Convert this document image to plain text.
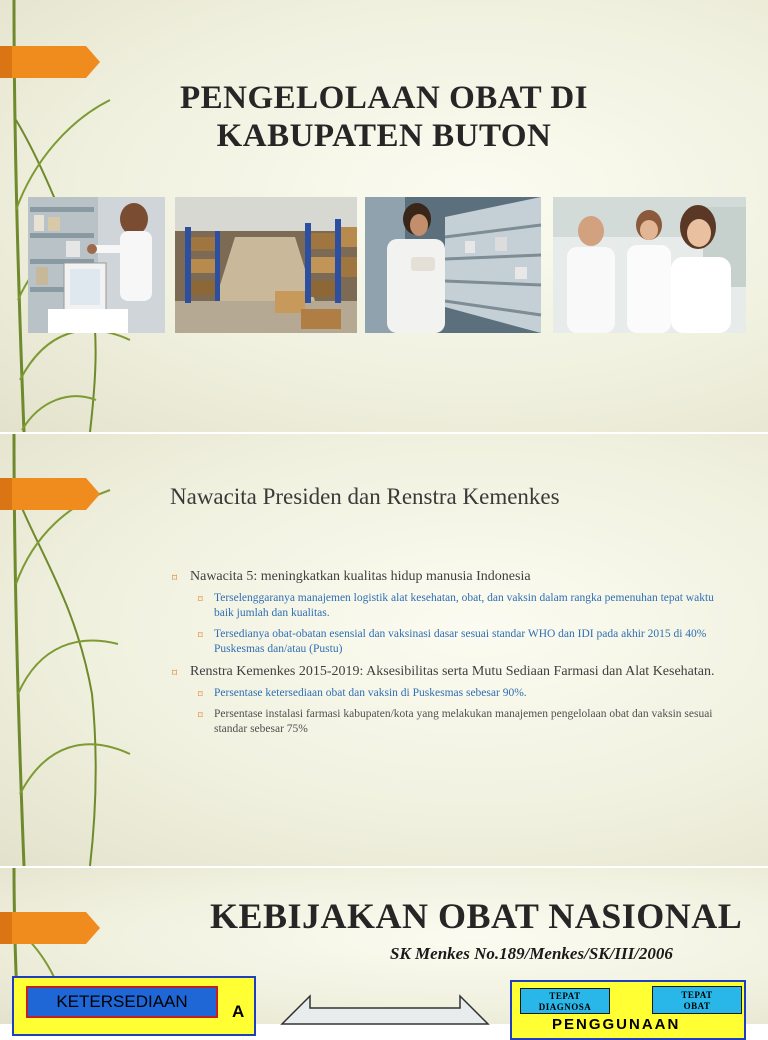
PENGELOLAAN OBAT DI
KABUPATEN BUTON
Nawacita Presiden dan Renstra Kemenkes
⌑ Nawacita 5: meningkatkan kualitas hidup manusia Indonesia
⌑ Terselenggaranya manajemen logistik alat kesehatan, obat, dan vaksin dalam rangka pemenuhan tepat waktu baik jumlah dan kualitas.
⌑ Tersedianya obat-obatan esensial dan vaksinasi dasar sesuai standar WHO dan IDI pada akhir 2015 di 40% Puskesmas dan/atau (Pustu)
⌑ Renstra Kemenkes 2015-2019: Aksesibilitas serta Mutu Sediaan Farmasi dan Alat Kesehatan.
⌑ Persentase ketersediaan obat dan vaksin di Puskesmas sebesar 90%.
⌑ Persentase instalasi farmasi kabupaten/kota yang melakukan manajemen pengelolaan obat dan vaksin sesuai standar sebesar 75%
KEBIJAKAN OBAT NASIONAL
SK Menkes No.189/Menkes/SK/III/2006
KETERSEDIAAN
A
TEPAT
DIAGNOSA
TEPAT
OBAT
PENGGUNAAN
